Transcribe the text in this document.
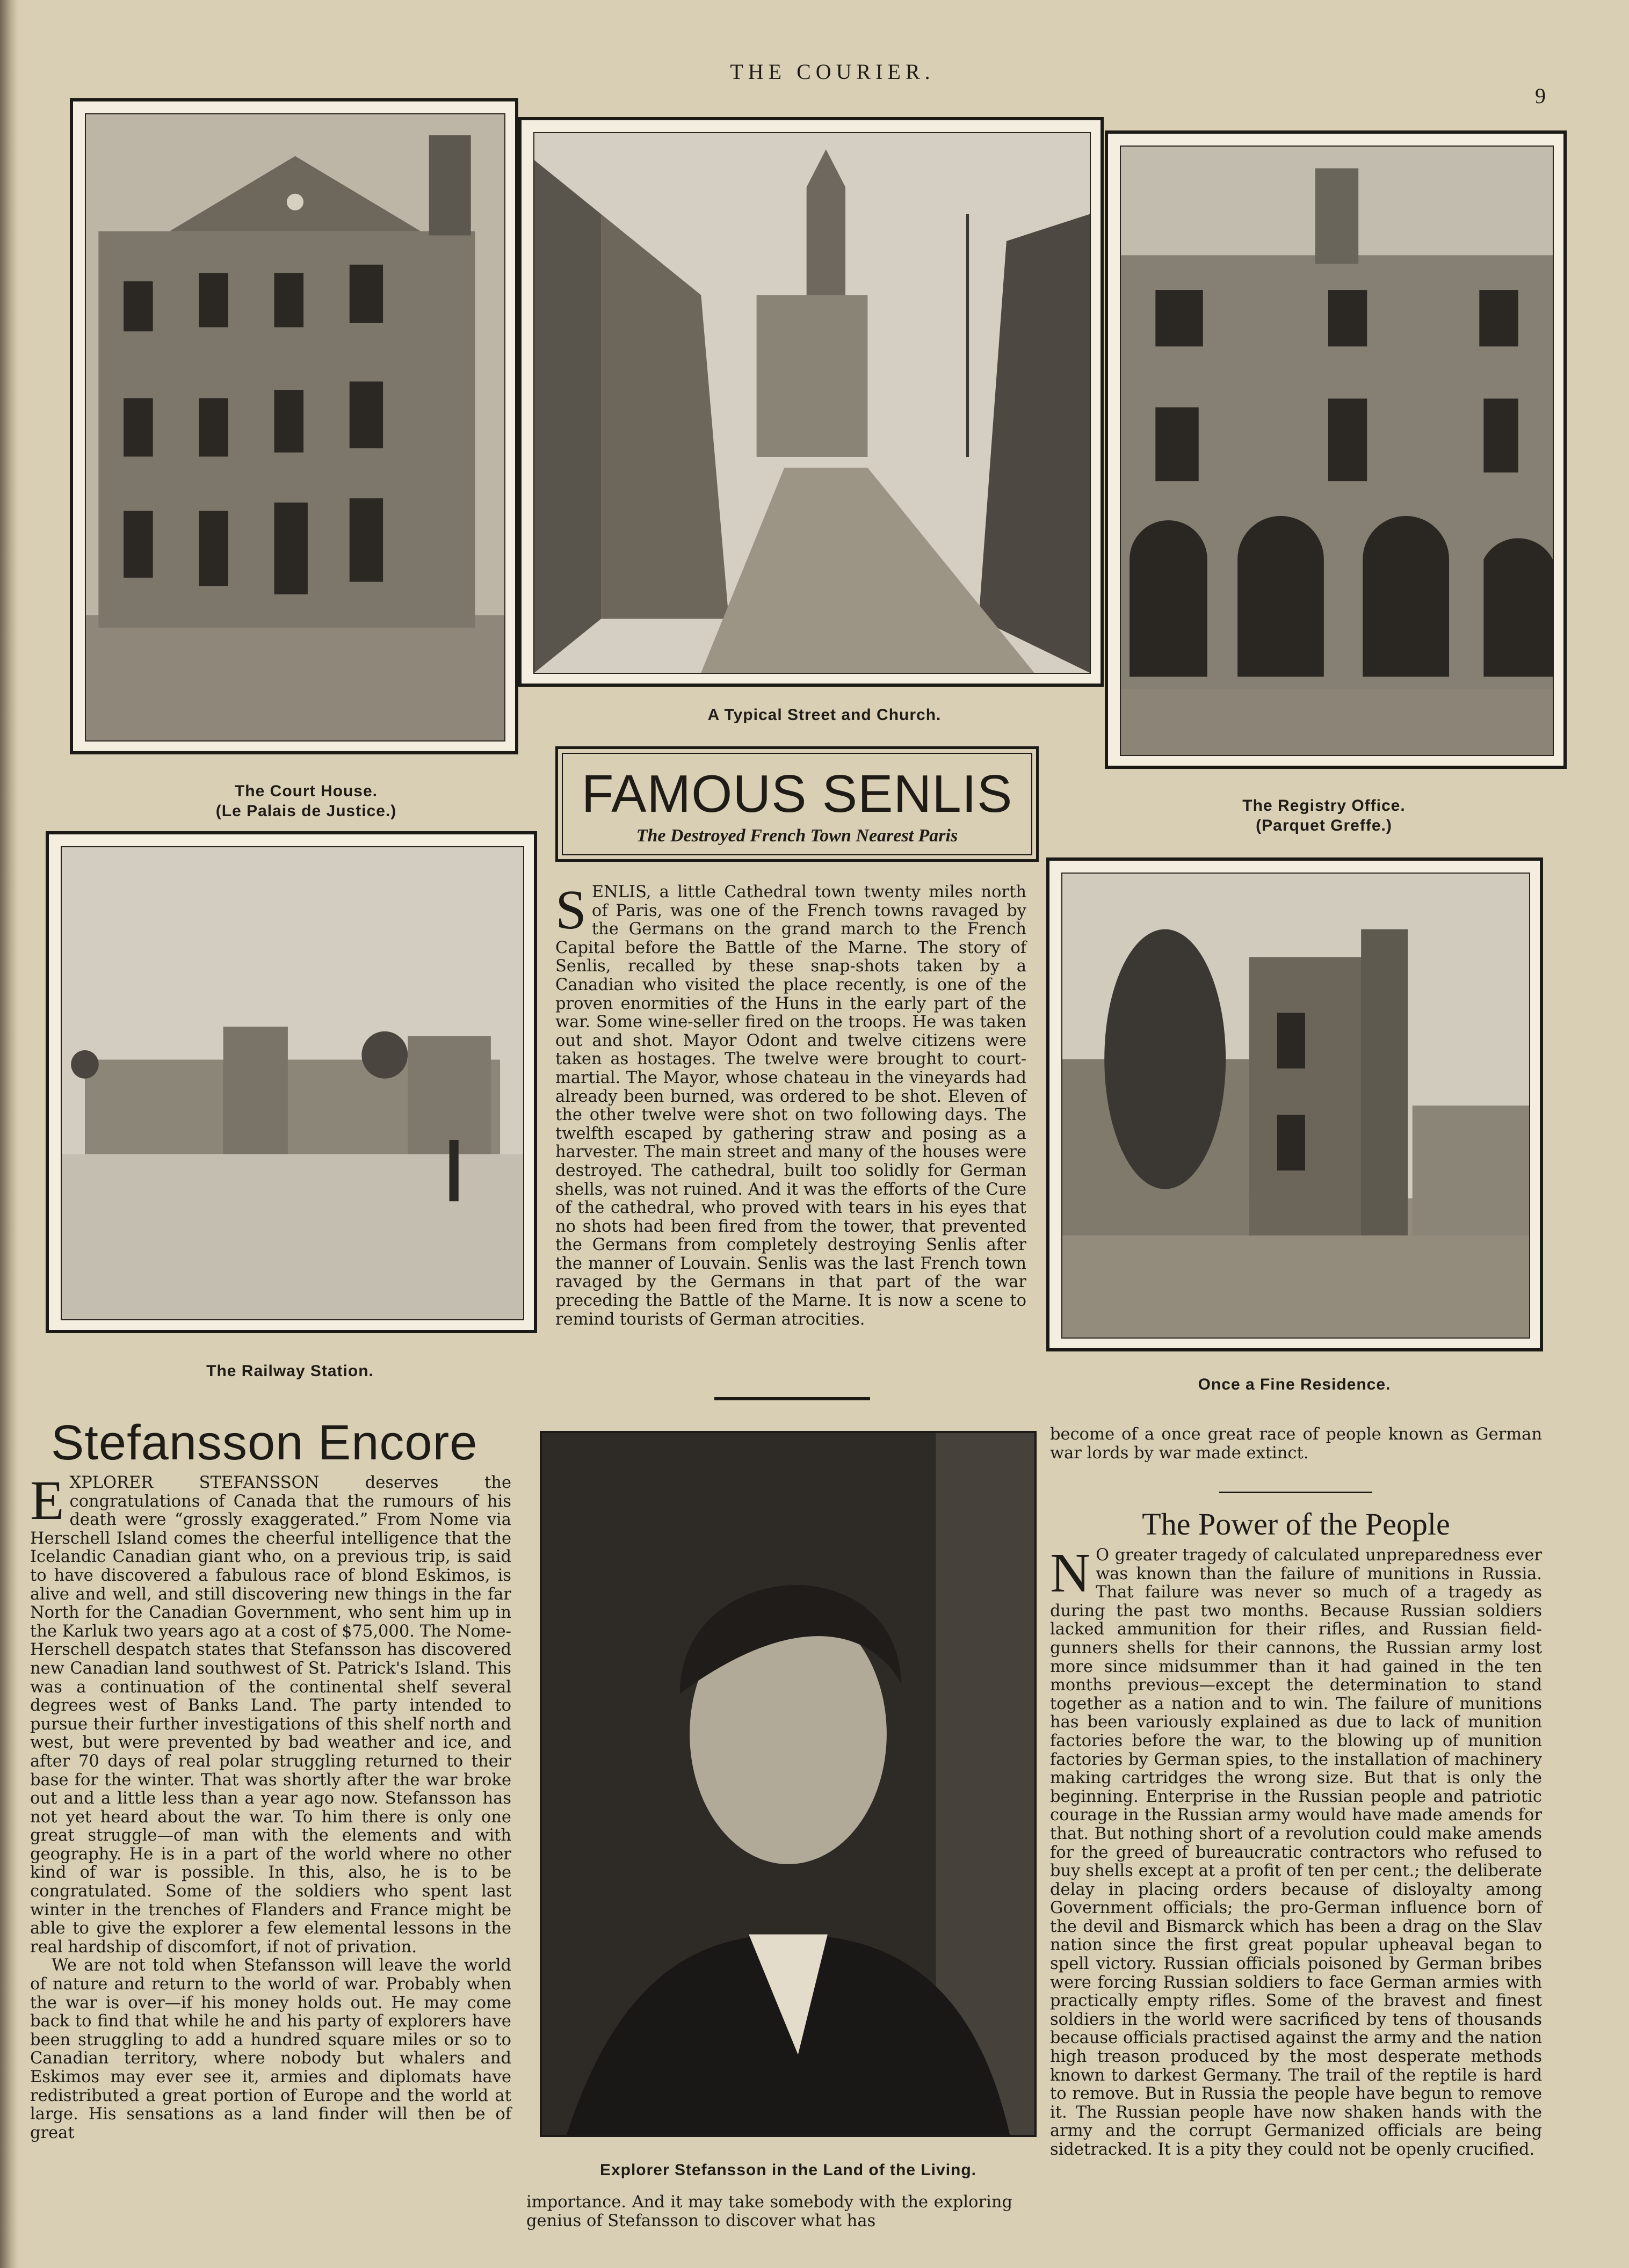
THE COURIER.
9
The Court House.
(Le Palais de Justice.)
A Typical Street and Church.
The Registry Office.
(Parquet Greffe.)
FAMOUS SENLIS
The Destroyed French Town Nearest Paris
SENLIS, a little Cathedral town twenty miles north of Paris, was one of the French towns ravaged by the Germans on the grand march to the French Capital before the Battle of the Marne. The story of Senlis, recalled by these snap-shots taken by a Canadian who visited the place recently, is one of the proven enormities of the Huns in the early part of the war. Some wine-seller fired on the troops. He was taken out and shot. Mayor Odont and twelve citizens were taken as hostages. The twelve were brought to court-martial. The Mayor, whose chateau in the vineyards had already been burned, was ordered to be shot. Eleven of the other twelve were shot on two following days. The twelfth escaped by gathering straw and posing as a harvester. The main street and many of the houses were destroyed. The cathedral, built too solidly for German shells, was not ruined. And it was the efforts of the Cure of the cathedral, who proved with tears in his eyes that no shots had been fired from the tower, that prevented the Germans from completely destroying Senlis after the manner of Louvain. Senlis was the last French town ravaged by the Germans in that part of the war preceding the Battle of the Marne. It is now a scene to remind tourists of German atrocities.
The Railway Station.
Once a Fine Residence.
Stefansson Encore

EXPLORER STEFANSSON deserves the congratulations of Canada that the rumours of his death were “grossly exaggerated.” From Nome via Herschell Island comes the cheerful intelligence that the Icelandic Canadian giant who, on a previous trip, is said to have discovered a fabulous race of blond Eskimos, is alive and well, and still discovering new things in the far North for the Canadian Government, who sent him up in the Karluk two years ago at a cost of $75,000. The Nome-Herschell despatch states that Stefansson has discovered new Canadian land southwest of St. Patrick's Island. This was a continuation of the continental shelf several degrees west of Banks Land. The party intended to pursue their further investigations of this shelf north and west, but were prevented by bad weather and ice, and after 70 days of real polar struggling returned to their base for the winter. That was shortly after the war broke out and a little less than a year ago now. Stefansson has not yet heard about the war. To him there is only one great struggle—of man with the elements and with geography. He is in a part of the world where no other kind of war is possible. In this, also, he is to be congratulated. Some of the soldiers who spent last winter in the trenches of Flanders and France might be able to give the explorer a few elemental lessons in the real hardship of discomfort, if not of privation.

We are not told when Stefansson will leave the world of nature and return to the world of war. Probably when the war is over—if his money holds out. He may come back to find that while he and his party of explorers have been struggling to add a hundred square miles or so to Canadian territory, where nobody but whalers and Eskimos may ever see it, armies and diplomats have redistributed a great portion of Europe and the world at large. His sensations as a land finder will then be of great

Explorer Stefansson in the Land of the Living.
importance. And it may take somebody with the exploring genius of Stefansson to discover what has
become of a once great race of people known as German war lords by war made extinct.
The Power of the People
N O greater tragedy of calculated unpreparedness ever was known than the failure of munitions in Russia. That failure was never so much of a tragedy as during the past two months. Because Russian soldiers lacked ammunition for their rifles, and Russian field-gunners shells for their cannons, the Russian army lost more since midsummer than it had gained in the ten months previous—except the determination to stand together as a nation and to win. The failure of munitions has been variously explained as due to lack of munition factories before the war, to the blowing up of munition factories by German spies, to the installation of machinery making cartridges the wrong size. But that is only the beginning. Enterprise in the Russian people and patriotic courage in the Russian army would have made amends for that. But nothing short of a revolution could make amends for the greed of bureaucratic contractors who refused to buy shells except at a profit of ten per cent.; the deliberate delay in placing orders because of disloyalty among Government officials; the pro-German influence born of the devil and Bismarck which has been a drag on the Slav nation since the first great popular upheaval began to spell victory. Russian officials poisoned by German bribes were forcing Russian soldiers to face German armies with practically empty rifles. Some of the bravest and finest soldiers in the world were sacrificed by tens of thousands because officials practised against the army and the nation high treason produced by the most desperate methods known to darkest Germany. The trail of the reptile is hard to remove. But in Russia the people have begun to remove it. The Russian people have now shaken hands with the army and the corrupt Germanized officials are being sidetracked. It is a pity they could not be openly crucified.
